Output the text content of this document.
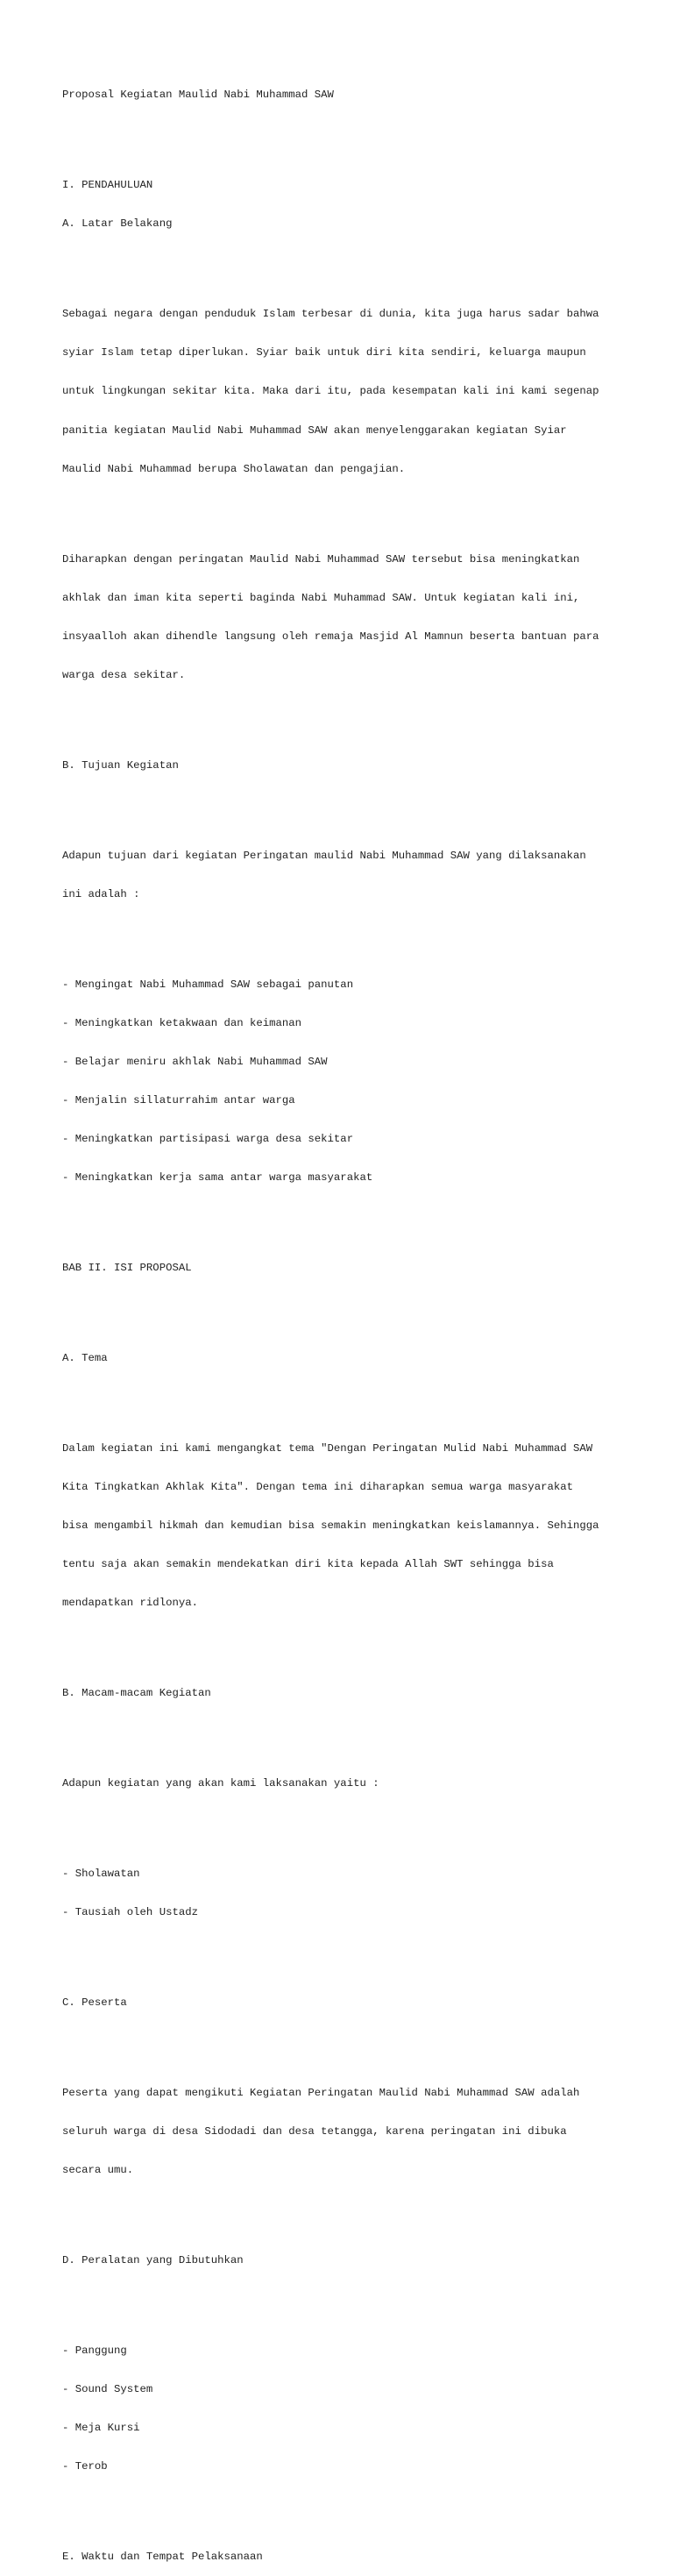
Proposal Kegiatan Maulid Nabi Muhammad SAW

I. PENDAHULUAN

A. Latar Belakang

Sebagai negara dengan penduduk Islam terbesar di dunia, kita juga harus sadar bahwa

syiar Islam tetap diperlukan. Syiar baik untuk diri kita sendiri, keluarga maupun

untuk lingkungan sekitar kita. Maka dari itu, pada kesempatan kali ini kami segenap

panitia kegiatan Maulid Nabi Muhammad SAW akan menyelenggarakan kegiatan Syiar

Maulid Nabi Muhammad berupa Sholawatan dan pengajian.

Diharapkan dengan peringatan Maulid Nabi Muhammad SAW tersebut bisa meningkatkan

akhlak dan iman kita seperti baginda Nabi Muhammad SAW. Untuk kegiatan kali ini,

insyaalloh akan dihendle langsung oleh remaja Masjid Al Mamnun beserta bantuan para

warga desa sekitar.

B. Tujuan Kegiatan

Adapun tujuan dari kegiatan Peringatan maulid Nabi Muhammad SAW yang dilaksanakan

ini adalah :

- Mengingat Nabi Muhammad SAW sebagai panutan

- Meningkatkan ketakwaan dan keimanan

- Belajar meniru akhlak Nabi Muhammad SAW

- Menjalin sillaturrahim antar warga

- Meningkatkan partisipasi warga desa sekitar

- Meningkatkan kerja sama antar warga masyarakat

BAB II. ISI PROPOSAL

A. Tema

Dalam kegiatan ini kami mengangkat tema "Dengan Peringatan Mulid Nabi Muhammad SAW

Kita Tingkatkan Akhlak Kita". Dengan tema ini diharapkan semua warga masyarakat

bisa mengambil hikmah dan kemudian bisa semakin meningkatkan keislamannya. Sehingga

tentu saja akan semakin mendekatkan diri kita kepada Allah SWT sehingga bisa

mendapatkan ridlonya.

B. Macam-macam Kegiatan

Adapun kegiatan yang akan kami laksanakan yaitu :

- Sholawatan

- Tausiah oleh Ustadz

C. Peserta

Peserta yang dapat mengikuti Kegiatan Peringatan Maulid Nabi Muhammad SAW adalah

seluruh warga di desa Sidodadi dan desa tetangga, karena peringatan ini dibuka

secara umu.

D. Peralatan yang Dibutuhkan

- Panggung

- Sound System

- Meja Kursi

- Terob

E. Waktu dan Tempat Pelaksanaan
